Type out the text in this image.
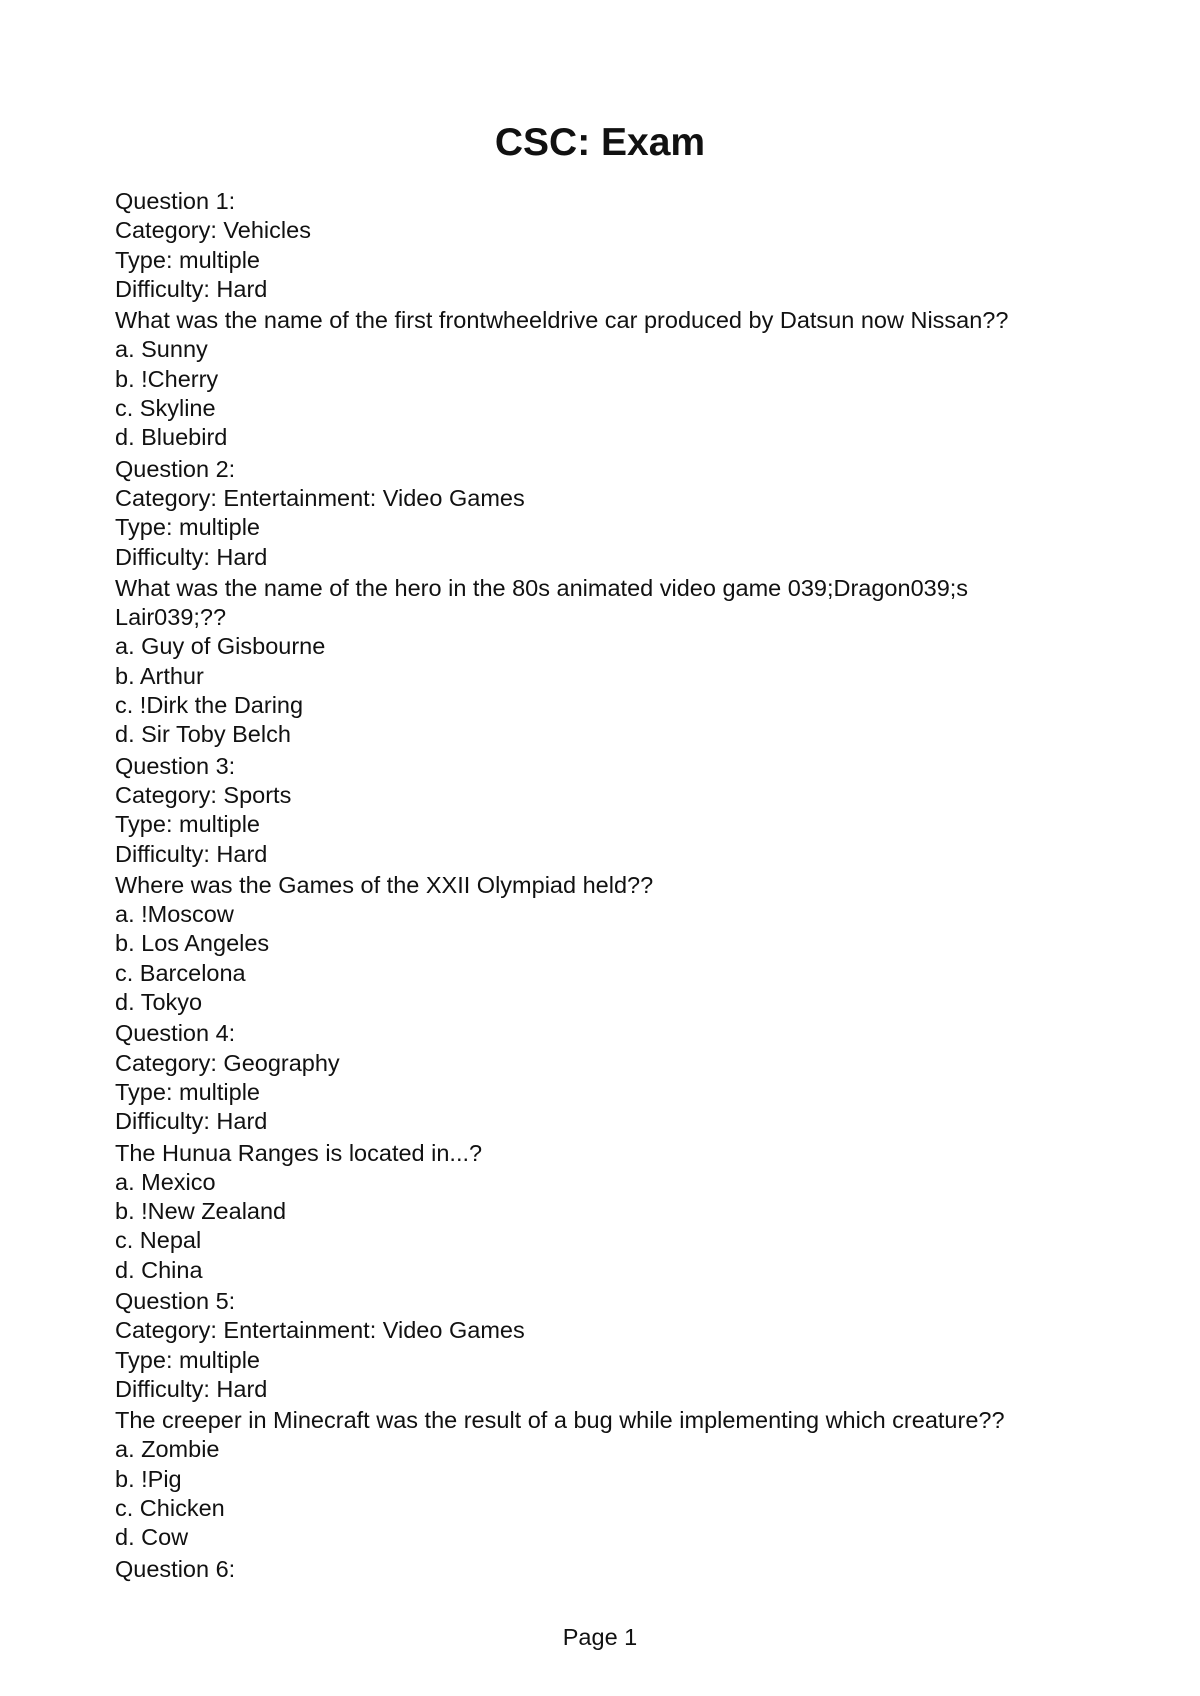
CSC: Exam
Question 1:
Category: Vehicles
Type: multiple
Difficulty: Hard
What was the name of the first frontwheeldrive car produced by Datsun now Nissan??
a. Sunny
b. !Cherry
c. Skyline
d. Bluebird
Question 2:
Category: Entertainment: Video Games
Type: multiple
Difficulty: Hard
What was the name of the hero in the 80s animated video game 039;Dragon039;s Lair039;??
a. Guy of Gisbourne
b. Arthur
c. !Dirk the Daring
d. Sir Toby Belch
Question 3:
Category: Sports
Type: multiple
Difficulty: Hard
Where was the Games of the XXII Olympiad held??
a. !Moscow
b. Los Angeles
c. Barcelona
d. Tokyo
Question 4:
Category: Geography
Type: multiple
Difficulty: Hard
The Hunua Ranges is located in...?
a. Mexico
b. !New Zealand
c. Nepal
d. China
Question 5:
Category: Entertainment: Video Games
Type: multiple
Difficulty: Hard
The creeper in Minecraft was the result of a bug while implementing which creature??
a. Zombie
b. !Pig
c. Chicken
d. Cow
Question 6:
Page 1
